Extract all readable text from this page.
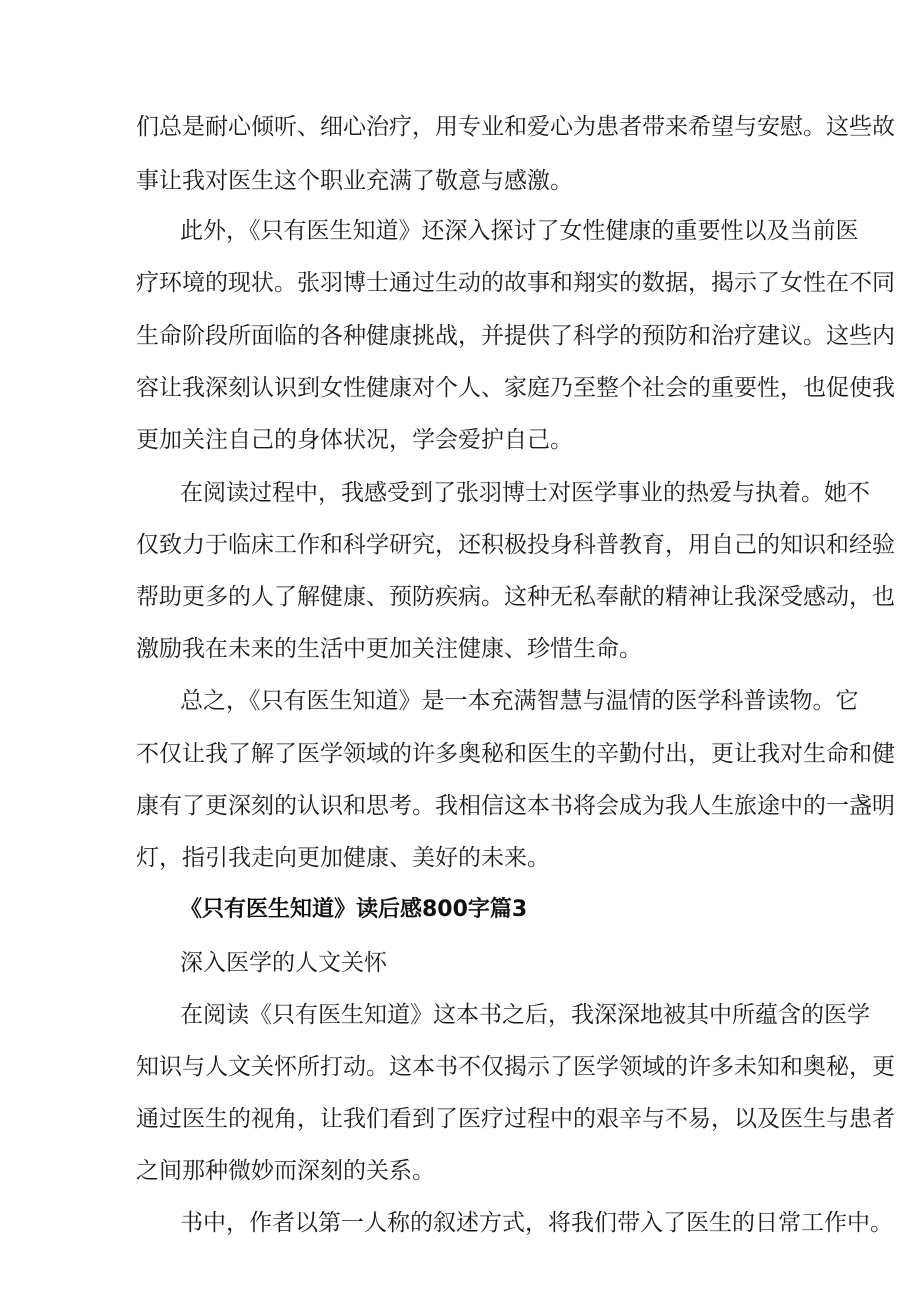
们总是耐心倾听、细心治疗，用专业和爱心为患者带来希望与安慰。这些故
事让我对医生这个职业充满了敬意与感激。
此外，《只有医生知道》还深入探讨了女性健康的重要性以及当前医
疗环境的现状。张羽博士通过生动的故事和翔实的数据，揭示了女性在不同
生命阶段所面临的各种健康挑战，并提供了科学的预防和治疗建议。这些内
容让我深刻认识到女性健康对个人、家庭乃至整个社会的重要性，也促使我
更加关注自己的身体状况，学会爱护自己。
在阅读过程中，我感受到了张羽博士对医学事业的热爱与执着。她不
仅致力于临床工作和科学研究，还积极投身科普教育，用自己的知识和经验
帮助更多的人了解健康、预防疾病。这种无私奉献的精神让我深受感动，也
激励我在未来的生活中更加关注健康、珍惜生命。
总之，《只有医生知道》是一本充满智慧与温情的医学科普读物。它
不仅让我了解了医学领域的许多奥秘和医生的辛勤付出，更让我对生命和健
康有了更深刻的认识和思考。我相信这本书将会成为我人生旅途中的一盏明
灯，指引我走向更加健康、美好的未来。
《只有医生知道》读后感800字篇3
深入医学的人文关怀
在阅读《只有医生知道》这本书之后，我深深地被其中所蕴含的医学
知识与人文关怀所打动。这本书不仅揭示了医学领域的许多未知和奥秘，更
通过医生的视角，让我们看到了医疗过程中的艰辛与不易，以及医生与患者
之间那种微妙而深刻的关系。
书中，作者以第一人称的叙述方式，将我们带入了医生的日常工作中。
